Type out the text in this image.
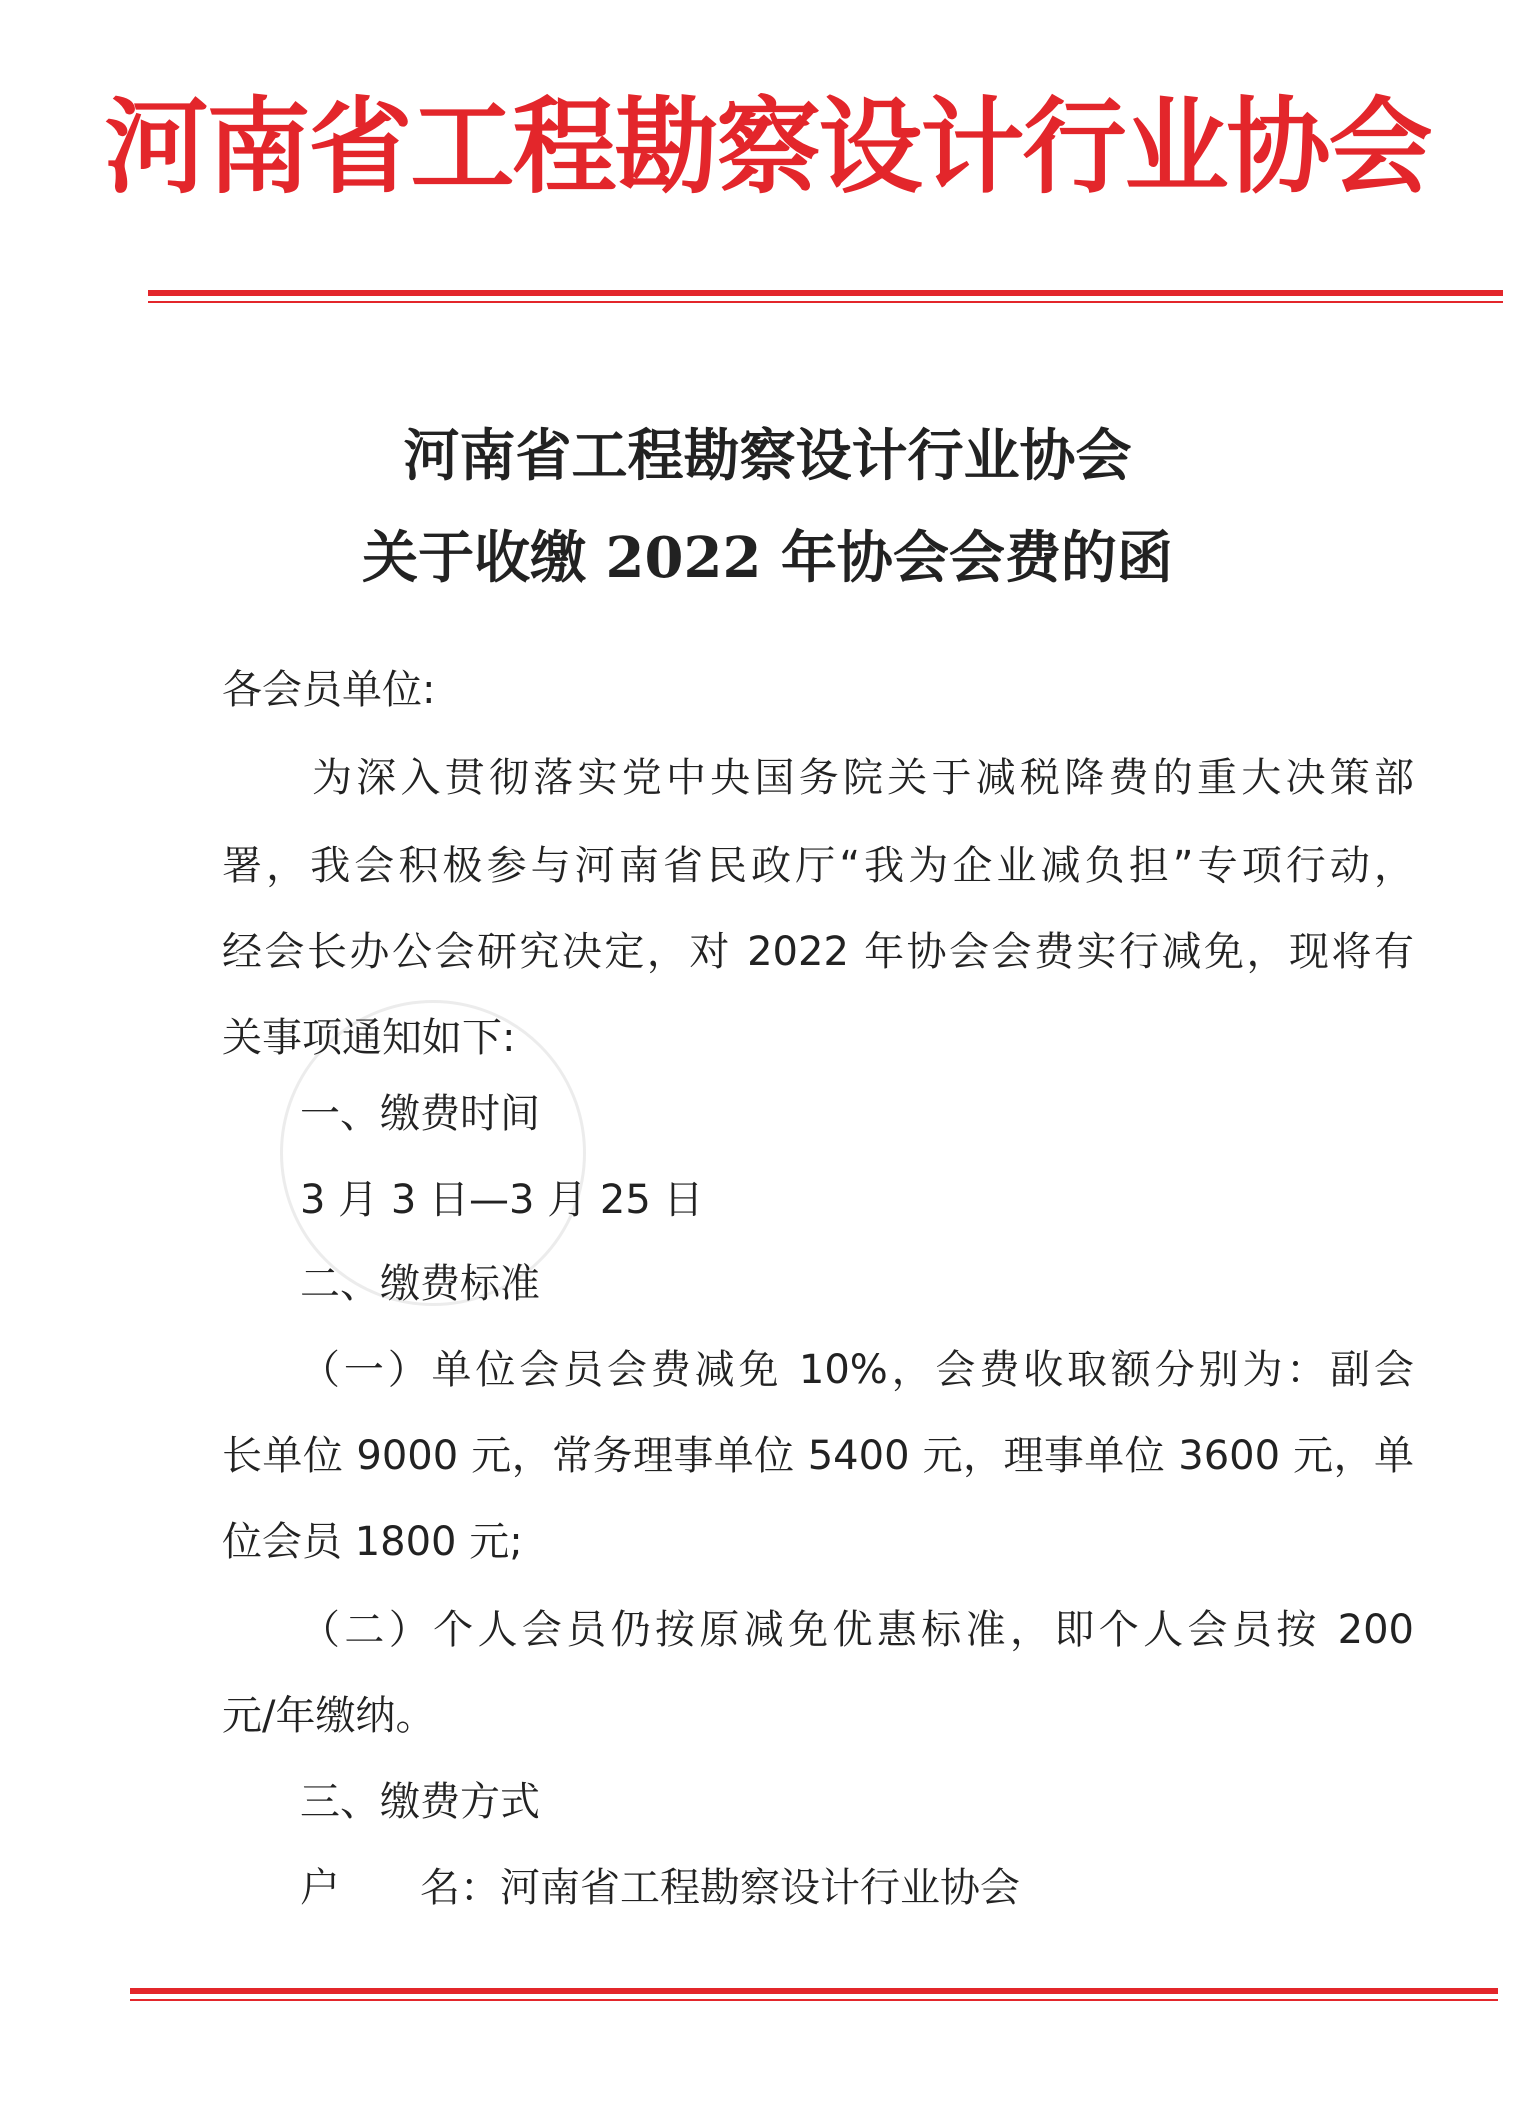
河南省工程勘察设计行业协会
河南省工程勘察设计行业协会
关于收缴 2022 年协会会费的函
各会员单位:
为深入贯彻落实党中央国务院关于减税降费的重大决策部
署，我会积极参与河南省民政厅“我为企业减负担”专项行动，
经会长办公会研究决定，对 2022 年协会会费实行减免，现将有
关事项通知如下:
一、缴费时间
3 月 3 日—3 月 25 日
二、缴费标准
（一）单位会员会费减免 10%，会费收取额分别为：副会
长单位 9000 元，常务理事单位 5400 元，理事单位 3600 元，单
位会员 1800 元;
（二）个人会员仍按原减免优惠标准，即个人会员按 200
元/年缴纳。
三、缴费方式
户　　名：河南省工程勘察设计行业协会
